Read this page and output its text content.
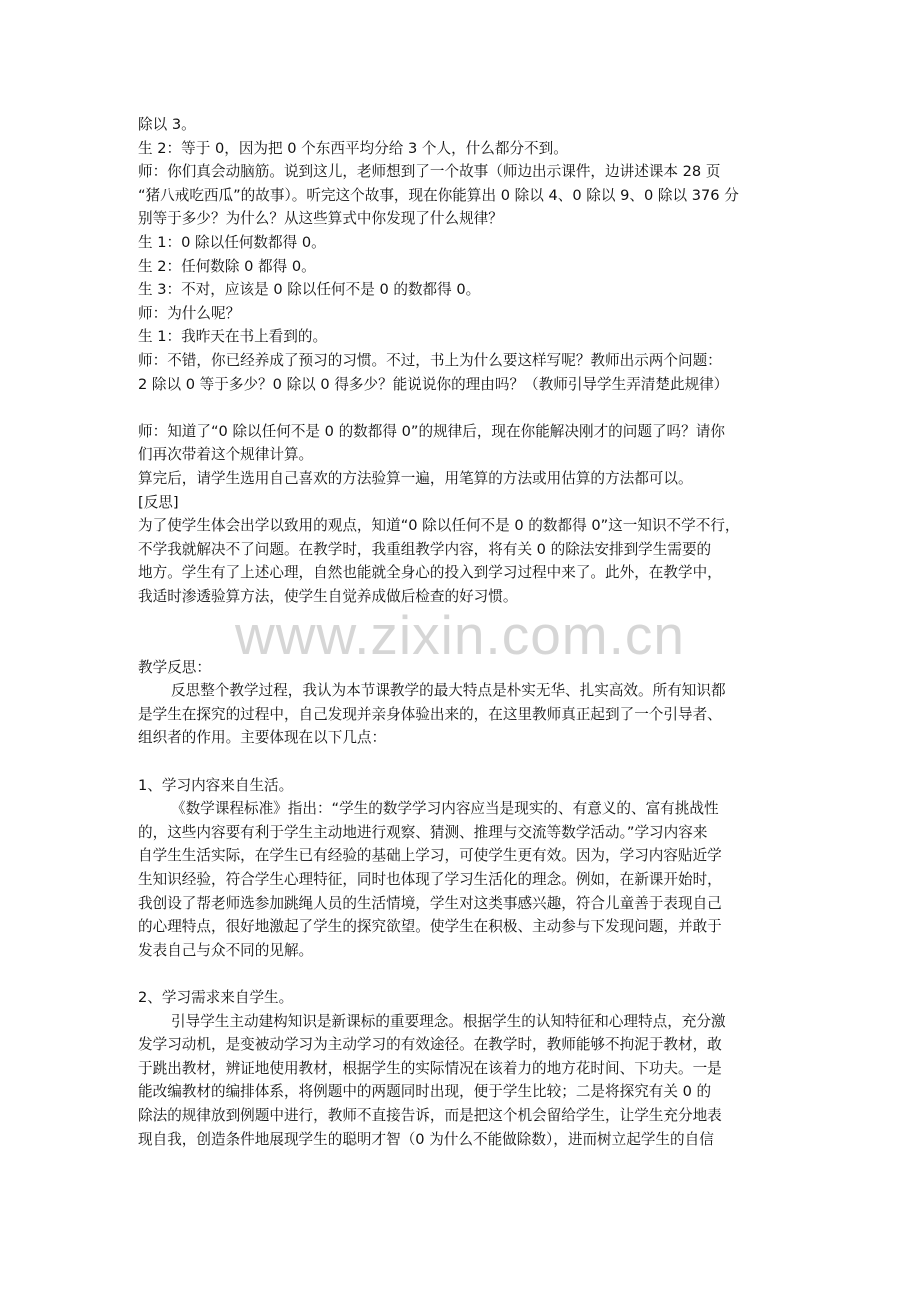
www.zixin.com.cn
除以 3。
生 2：等于 0，因为把 0 个东西平均分给 3 个人，什么都分不到。
师：你们真会动脑筋。说到这儿，老师想到了一个故事（师边出示课件，边讲述课本 28 页
“猪八戒吃西瓜”的故事）。听完这个故事，现在你能算出 0 除以 4、0 除以 9、0 除以 376 分
别等于多少？为什么？从这些算式中你发现了什么规律？
生 1：0 除以任何数都得 0。
生 2：任何数除 0 都得 0。
生 3：不对，应该是 0 除以任何不是 0 的数都得 0。
师：为什么呢？
生 1：我昨天在书上看到的。
师：不错，你已经养成了预习的习惯。不过，书上为什么要这样写呢？教师出示两个问题：
2 除以 0 等于多少？0 除以 0 得多少？能说说你的理由吗？（教师引导学生弄清楚此规律）
师：知道了“0 除以任何不是 0 的数都得 0”的规律后，现在你能解决刚才的问题了吗？请你
们再次带着这个规律计算。
算完后，请学生选用自己喜欢的方法验算一遍，用笔算的方法或用估算的方法都可以。
[反思]
为了使学生体会出学以致用的观点，知道“0 除以任何不是 0 的数都得 0”这一知识不学不行，
不学我就解决不了问题。在教学时，我重组教学内容，将有关 0 的除法安排到学生需要的
地方。学生有了上述心理，自然也能就全身心的投入到学习过程中来了。此外，在教学中，
我适时渗透验算方法，使学生自觉养成做后检查的好习惯。
教学反思：
反思整个教学过程，我认为本节课教学的最大特点是朴实无华、扎实高效。所有知识都
是学生在探究的过程中，自己发现并亲身体验出来的，在这里教师真正起到了一个引导者、
组织者的作用。主要体现在以下几点：
1、学习内容来自生活。
《数学课程标准》指出：“学生的数学学习内容应当是现实的、有意义的、富有挑战性
的，这些内容要有利于学生主动地进行观察、猜测、推理与交流等数学活动。”学习内容来
自学生生活实际，在学生已有经验的基础上学习，可使学生更有效。因为，学习内容贴近学
生知识经验，符合学生心理特征，同时也体现了学习生活化的理念。例如，在新课开始时，
我创设了帮老师选参加跳绳人员的生活情境，学生对这类事感兴趣，符合儿童善于表现自己
的心理特点，很好地激起了学生的探究欲望。使学生在积极、主动参与下发现问题，并敢于
发表自己与众不同的见解。
2、学习需求来自学生。
引导学生主动建构知识是新课标的重要理念。根据学生的认知特征和心理特点，充分激
发学习动机，是变被动学习为主动学习的有效途径。在教学时，教师能够不拘泥于教材，敢
于跳出教材，辨证地使用教材，根据学生的实际情况在该着力的地方花时间、下功夫。一是
能改编教材的编排体系，将例题中的两题同时出现，便于学生比较；二是将探究有关 0 的
除法的规律放到例题中进行，教师不直接告诉，而是把这个机会留给学生，让学生充分地表
现自我，创造条件地展现学生的聪明才智（0 为什么不能做除数），进而树立起学生的自信
